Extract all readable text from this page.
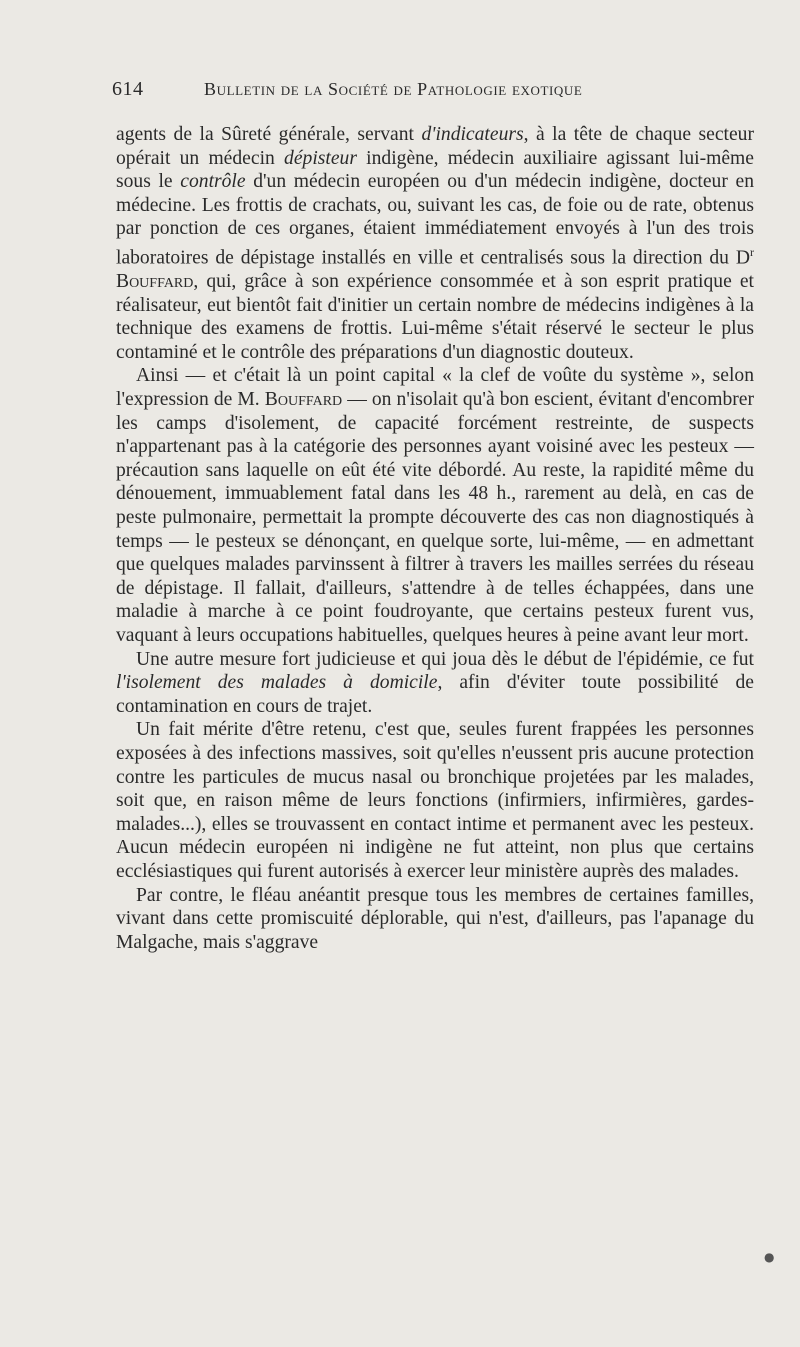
614	Bulletin de la Société de Pathologie exotique

agents de la Sûreté générale, servant d'indicateurs, à la tête de chaque secteur opérait un médecin dépisteur indigène, médecin auxiliaire agissant lui-même sous le contrôle d'un médecin européen ou d'un médecin indigène, docteur en médecine. Les frottis de crachats, ou, suivant les cas, de foie ou de rate, obtenus par ponction de ces organes, étaient immédiatement envoyés à l'un des trois laboratoires de dépistage installés en ville et centralisés sous la direction du $D^r$ Bouffard, qui, grâce à son expérience consommée et à son esprit pratique et réalisateur, eut bientôt fait d'initier un certain nombre de médecins indigènes à la technique des examens de frottis. Lui-même s'était réservé le secteur le plus contaminé et le contrôle des préparations d'un diagnostic douteux.

Ainsi — et c'était là un point capital « la clef de voûte du système », selon l'expression de M. Bouffard — on n'isolait qu'à bon escient, évitant d'encombrer les camps d'isolement, de capacité forcément restreinte, de suspects n'appartenant pas à la catégorie des personnes ayant voisiné avec les pesteux — précaution sans laquelle on eût été vite débordé. Au reste, la rapidité même du dénouement, immuablement fatal dans les 48 h., rarement au delà, en cas de peste pulmonaire, permettait la prompte découverte des cas non diagnostiqués à temps — le pesteux se dénonçant, en quelque sorte, lui-même, — en admettant que quelques malades parvinssent à filtrer à travers les mailles serrées du réseau de dépistage. Il fallait, d'ailleurs, s'attendre à de telles échappées, dans une maladie à marche à ce point foudroyante, que certains pesteux furent vus, vaquant à leurs occupations habituelles, quelques heures à peine avant leur mort.

Une autre mesure fort judicieuse et qui joua dès le début de l'épidémie, ce fut l'isolement des malades à domicile, afin d'éviter toute possibilité de contamination en cours de trajet.

Un fait mérite d'être retenu, c'est que, seules furent frappées les personnes exposées à des infections massives, soit qu'elles n'eussent pris aucune protection contre les particules de mucus nasal ou bronchique projetées par les malades, soit que, en raison même de leurs fonctions (infirmiers, infirmières, gardes-malades...), elles se trouvassent en contact intime et permanent avec les pesteux. Aucun médecin européen ni indigène ne fut atteint, non plus que certains ecclésiastiques qui furent autorisés à exercer leur ministère auprès des malades.

Par contre, le fléau anéantit presque tous les membres de certaines familles, vivant dans cette promiscuité déplorable, qui n'est, d'ailleurs, pas l'apanage du Malgache, mais s'aggrave

●
